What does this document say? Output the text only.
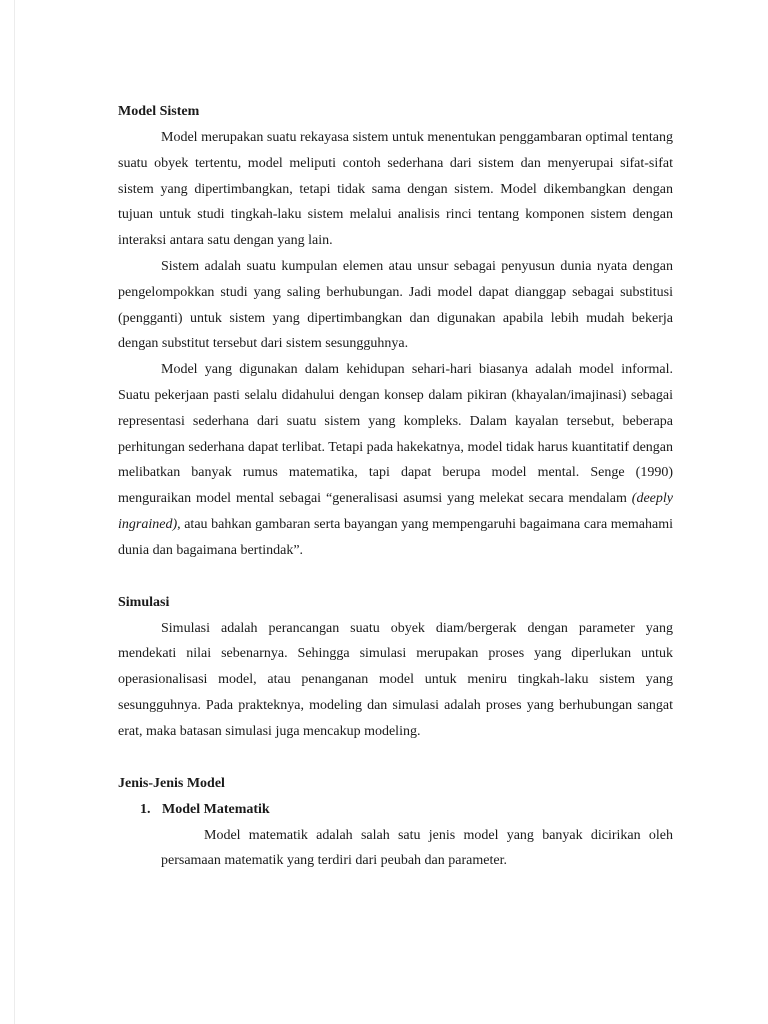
Model Sistem

Model merupakan suatu rekayasa sistem untuk menentukan penggambaran optimal tentang suatu obyek tertentu, model meliputi contoh sederhana dari sistem dan menyerupai sifat-sifat sistem yang dipertimbangkan, tetapi tidak sama dengan sistem. Model dikembangkan dengan tujuan untuk studi tingkah-laku sistem melalui analisis rinci tentang komponen sistem dengan interaksi antara satu dengan yang lain.

Sistem adalah suatu kumpulan elemen atau unsur sebagai penyusun dunia nyata dengan pengelompokkan studi yang saling berhubungan. Jadi model dapat dianggap sebagai substitusi (pengganti) untuk sistem yang dipertimbangkan dan digunakan apabila lebih mudah bekerja dengan substitut tersebut dari sistem sesungguhnya.

Model yang digunakan dalam kehidupan sehari-hari biasanya adalah model informal. Suatu pekerjaan pasti selalu didahului dengan konsep dalam pikiran (khayalan/imajinasi) sebagai representasi sederhana dari suatu sistem yang kompleks. Dalam kayalan tersebut, beberapa perhitungan sederhana dapat terlibat. Tetapi pada hakekatnya, model tidak harus kuantitatif dengan melibatkan banyak rumus matematika, tapi dapat berupa model mental. Senge (1990) menguraikan model mental sebagai “generalisasi asumsi yang melekat secara mendalam (deeply ingrained), atau bahkan gambaran serta bayangan yang mempengaruhi bagaimana cara memahami dunia dan bagaimana bertindak”.

Simulasi

Simulasi adalah perancangan suatu obyek diam/bergerak dengan parameter yang mendekati nilai sebenarnya. Sehingga simulasi merupakan proses yang diperlukan untuk operasionalisasi model, atau penanganan model untuk meniru tingkah-laku sistem yang sesungguhnya. Pada prakteknya, modeling dan simulasi adalah proses yang berhubungan sangat erat, maka batasan simulasi juga mencakup modeling.

Jenis-Jenis Model
1. Model Matematik

Model matematik adalah salah satu jenis model yang banyak dicirikan oleh persamaan matematik yang terdiri dari peubah dan parameter.
